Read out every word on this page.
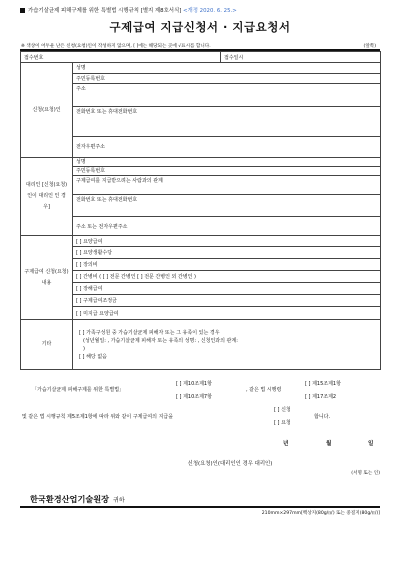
가습기살균제 피해구제를 위한 특별법 시행규칙 [별지 제8호서식] <개정 2020. 6. 25.>
구제급여 지급신청서 · 지급요청서
※ 색상이 어두운 난은 신청(요청)인이 작성하지 않으며, [ ]에는 해당되는 곳에 √표시를 합니다.	(앞쪽)
접수번호		접수일시
신청(요청)인	성명	
	주민등록번호	
	주소	
	전화번호 또는 휴대전화번호	
	전자우편주소	
대리인 [신청(요청) 인이 대리인 인 경우]	성명	
	주민등록번호	
	구제급여를 지급받으려는 사람과의 관계	
	전화번호 또는 휴대전화번호	
	주소 또는 전자우편주소	
구제급여 신청(요청) 내용	[ ] 요양급여	
	[ ] 요양생활수당	
	[ ] 장의비	
	[ ] 간병비 ( [ ] 전문 간병인 [ ] 전문 간병인 외 간병인 )	
	[ ] 장해급여	
	[ ] 구제급여조정금	
	[ ] 미지급 요양급여	
기타	[ ] 가족구성원 중 가습기살균제 피해자 또는 그 유족이 있는 경우
(성년월일: , 가습기살균제 피해자 또는 유족의 성명: , 신청인과의 관계:
)
[ ] 해당 없음	
「가습기살균제 피해구제를 위한 특별법」
[ ] 제10조제1항
[ ] 제10조제7항
, 같은 법 시행령
[ ] 제15조제1항
[ ] 제17조제2
및 같은 법 시행규칙 제5조제1항에 따라 위와 같이 구제급여의 지급을
[ ] 신청
[ ] 요청
합니다.
년	월	일
신청(요청)인(대리인인 경우 대리인)
(서명 또는 인)
한국환경산업기술원장 귀하
210mm×297mm[백상지(80g/㎡) 또는 중질지(80g/㎡)]
